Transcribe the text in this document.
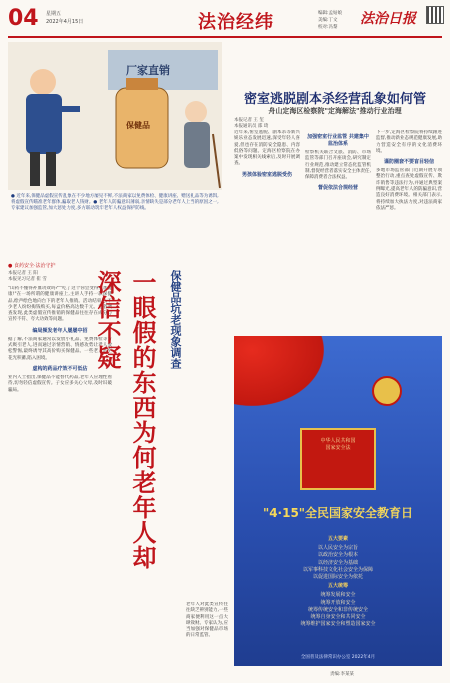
04 星期五
2022年4月15日	法治经纬	编辑:孟姑娘
美编:丁文
校对:冯黎
法治日报
厂家直销
保健品
● 近年来,保健品虚假宣传乱象在不少地方屡见不鲜,不法商家以免费体检、健康讲座、赠送礼品等为诱饵,将虚假宣传瞄准老年群体,骗取老人钱财。● 老年人防骗意识薄弱,亲情缺失是部分老年人上当的原因之一,专家建议加强监管,加大惩处力度,多方联动筑牢老年人权益保护防线。
● 食药安全·法治守护
本报记者 王 阳
本报见习记者 崔 雪
"山药不懂得补血功效吗?""吃了这个你会变得更加健康!"在一场所谓的健康讲座上,主讲人手持一款保健品,绘声绘色地向台下的老年人推销。活动结束后,不少老人纷纷掏钱购买,每盒价格高达数千元。记者调查发现,此类虚假宣传推销的保健品往往存在成分与宣传不符、夸大功效等问题。
编局频发老年人屡屡中招
据了解,不法商家通常以发放小礼品、免费体检等方式吸引老人,进而通过亲情营销、情感攻势让老人放松警惕,最终诱导其高价购买保健品。一些老人甚至花光积蓄,陷入困境。
虚构的药品疗效不可低估
业内人士指出,保健品不能替代药品,老年人应理性看待,切勿轻信虚假宣传。子女应多关心父母,及时识破骗局。	一眼假的东西为何老年人却深信不疑	保健品坑老现象调查
老年人对此类宣传往往缺乏辨别能力,一些商家便利用这一点大肆敛财。专家认为,应当加强对保健品市场的日常监管。
密室逃脱剧本杀经营乱象如何管
舟山定海区检察院"定海解法"推动行业治理
本报记者 王 玺
本报通讯员 邵 琦
近年来,密室逃脱、剧本杀等新兴娱乐业态发展迅速,深受年轻人喜爱,但也存在消防安全隐患、内容低俗等问题。定海区检察院在办案中发现相关线索后,及时开展调查。
男孩体验密室逃脱受伤
加强密室行业监管 共建集中监治体系
检察机关联合文旅、消防、市场监管等部门召开座谈会,研究制定行业规范,推动建立常态化监管机制,督促经营者落实安全主体责任,保障消费者合法权益。
督促依法合规经营
下一步,定海区检察院将持续跟进监督,推动新业态规范健康发展,助力营造安全有序的文化消费环境。
谨防圈套不要盲目轻信
多地市场监管部门近期开展专项整治行动,重点查处虚假宣传、欺诈销售等违法行为,并通过典型案例曝光,提高老年人的防骗意识,营造良好消费环境。相关部门表示,将持续加大执法力度,对违法商家依法严惩。
中华人民共和国
国家安全法
"4·15"全民国家安全教育日
五大要素
以人民安全为宗旨
以政治安全为根本
以经济安全为基础
以军事科技文化社会安全为保障
以促进国际安全为依托
五大统筹
统筹发展和安全
统筹开放和安全
统筹传统安全和非传统安全
统筹自身安全和共同安全
统筹维护国家安全和塑造国家安全
全国普及法律常识办公室 2022年4月
责编:李某某
